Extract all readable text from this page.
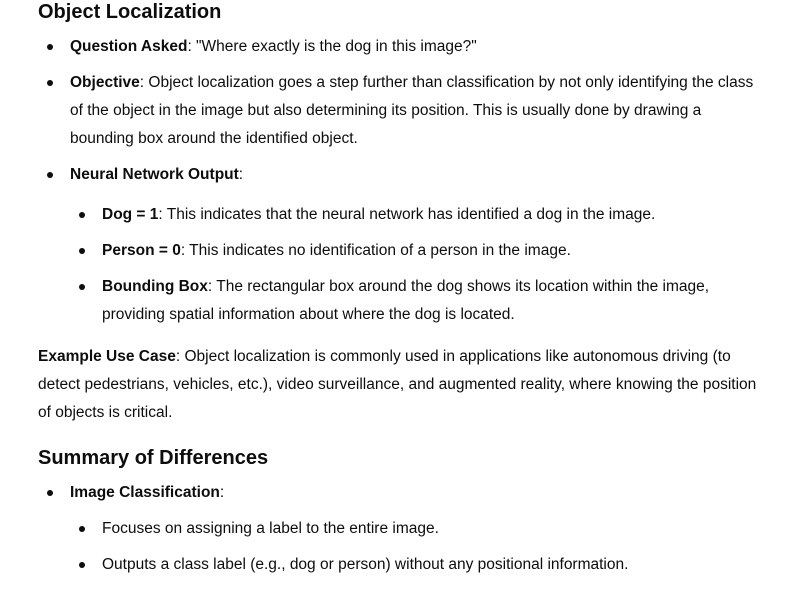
Object Localization
Question Asked: "Where exactly is the dog in this image?"
Objective: Object localization goes a step further than classification by not only identifying the class of the object in the image but also determining its position. This is usually done by drawing a bounding box around the identified object.
Neural Network Output:
Dog = 1: This indicates that the neural network has identified a dog in the image.
Person = 0: This indicates no identification of a person in the image.
Bounding Box: The rectangular box around the dog shows its location within the image, providing spatial information about where the dog is located.

Example Use Case: Object localization is commonly used in applications like autonomous driving (to detect pedestrians, vehicles, etc.), video surveillance, and augmented reality, where knowing the position of objects is critical.

Summary of Differences
Image Classification:
Focuses on assigning a label to the entire image.
Outputs a class label (e.g., dog or person) without any positional information.
